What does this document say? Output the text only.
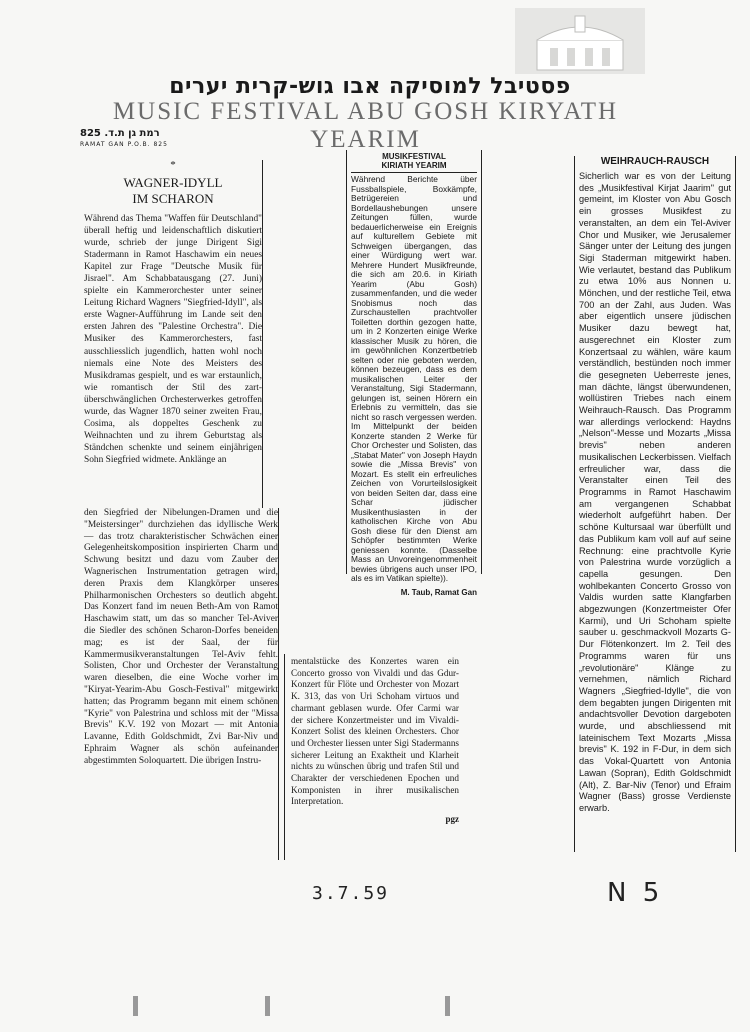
פסטיבל למוסיקה אבו גוש-קרית יערים
MUSIC FESTIVAL ABU GOSH KIRYATH YEARIM
רמת גן ת.ד. 825
RAMAT GAN P.O.B. 825
*
WAGNER-IDYLL
IM SCHARON

Während das Thema "Waffen für Deutschland" überall heftig und leidenschaftlich diskutiert wurde, schrieb der junge Dirigent Sigi Stadermann in Ramot Haschawim ein neues Kapitel zur Frage "Deutsche Musik für Jisrael". Am Schabbatausgang (27. Juni) spielte ein Kammerorchester unter seiner Leitung Richard Wagners "Siegfried-Idyll", als erste Wagner-Aufführung im Lande seit den ersten Jahren des "Palestine Orchestra". Die Musiker des Kammerorchesters, fast ausschliesslich jugendlich, hatten wohl noch niemals eine Note des Meisters des Musikdramas gespielt, und es war erstaunlich, wie romantisch der Stil des zart-überschwänglichen Orchesterwerkes getroffen wurde, das Wagner 1870 seiner zweiten Frau, Cosima, als doppeltes Geschenk zu Weihnachten und zu ihrem Geburtstag als Ständchen schenkte und seinem einjährigen Sohn Siegfried widmete. Anklänge an

den Siegfried der Nibelungen-Dramen und die "Meistersinger" durchziehen das idyllische Werk — das trotz charakteristischer Schwächen einer Gelegenheitskomposition inspirierten Charm und Schwung besitzt und dazu vom Zauber der Wagnerischen Instrumentation getragen wird, deren Praxis dem Klangkörper unseres Philharmonischen Orchesters so deutlich abgeht. Das Konzert fand im neuen Beth-Am von Ramot Haschawim statt, um das so mancher Tel-Aviver die Siedler des schönen Scharon-Dorfes beneiden mag; es ist der Saal, der für Kammermusikveranstaltungen Tel-Aviv fehlt. Solisten, Chor und Orchester der Veranstaltung waren dieselben, die eine Woche vorher im "Kiryat-Yearim-Abu Gosch-Festival" mitgewirkt hatten; das Programm begann mit einem schönen "Kyrie" von Palestrina und schloss mit der "Missa Brevis" K.V. 192 von Mozart — mit Antonia Lavanne, Edith Goldschmidt, Zvi Bar-Niv und Ephraim Wagner als schön aufeinander abgestimmten Soloquartett. Die übrigen Instru-

mentalstücke des Konzertes waren ein Concerto grosso von Vivaldi und das Gdur-Konzert für Flöte und Orchester von Mozart K. 313, das von Uri Schoham virtuos und charmant geblasen wurde. Ofer Carmi war der sichere Konzertmeister und im Vivaldi-Konzert Solist des kleinen Orchesters. Chor und Orchester liessen unter Sigi Stadermanns sicherer Leitung an Exaktheit und Klarheit nichts zu wünschen übrig und trafen Stil und Charakter der verschiedenen Epochen und Komponisten in ihrer musikalischen Interpretation.

pgz
MUSIKFESTIVAL
KIRIATH YEARIM

Während Berichte über Fussballspiele, Boxkämpfe, Betrügereien und Bordellaushebungen unsere Zeitungen füllen, wurde bedauerlicherweise ein Ereignis auf kulturellem Gebiete mit Schweigen übergangen, das einer Würdigung wert war. Mehrere Hundert Musikfreunde, die sich am 20.6. in Kiriath Yearim (Abu Gosh) zusammenfanden, und die weder Snobismus noch das Zurschaustellen prachtvoller Toiletten dorthin gezogen hatte, um in 2 Konzerten einige Werke klassischer Musik zu hören, die im gewöhnlichen Konzertbetrieb selten oder nie geboten werden, können bezeugen, dass es dem musikalischen Leiter der Veranstaltung, Sigi Stadermann, gelungen ist, seinen Hörern ein Erlebnis zu vermitteln, das sie nicht so rasch vergessen werden. Im Mittelpunkt der beiden Konzerte standen 2 Werke für Chor Orchester und Solisten, das „Stabat Mater" von Joseph Haydn sowie die „Missa Brevis" von Mozart. Es stellt ein erfreuliches Zeichen von Vorurteilslosigkeit von beiden Seiten dar, dass eine Schar jüdischer Musikenthusiasten in der katholischen Kirche von Abu Gosh diese für den Dienst am Schöpfer bestimmten Werke geniessen konnte. (Dasselbe Mass an Unvoreingenommenheit bewies übrigens auch unser IPO, als es im Vatikan spielte)).

M. Taub, Ramat Gan
WEIHRAUCH-RAUSCH

Sicherlich war es von der Leitung des „Musikfestival Kirjat Jaarim" gut gemeint, im Kloster von Abu Gosch ein grosses Musikfest zu veranstalten, an dem ein Tel-Aviver Chor und Musiker, wie Jerusalemer Sänger unter der Leitung des jungen Sigi Staderman mitgewirkt haben. Wie verlautet, bestand das Publikum zu etwa 10% aus Nonnen u. Mönchen, und der restliche Teil, etwa 700 an der Zahl, aus Juden. Was aber eigentlich unsere jüdischen Musiker dazu bewegt hat, ausgerechnet ein Kloster zum Konzertsaal zu wählen, wäre kaum verständlich, bestünden noch immer die gesegneten Ueberreste jenes, man dächte, längst überwundenen, wollüstiren Triebes nach einem Weihrauch-Rausch. Das Programm war allerdings verlockend: Haydns „Nelson"-Messe und Mozarts „Missa brevis" neben anderen musikalischen Leckerbissen. Vielfach erfreulicher war, dass die Veranstalter einen Teil des Programms in Ramot Haschawim am vergangenen Schabbat wiederholt aufgeführt haben. Der schöne Kultursaal war überfüllt und das Publikum kam voll auf auf seine Rechnung: eine prachtvolle Kyrie von Palestrina wurde vorzüglich a capella gesungen. Den wohlbekanten Concerto Grosso von Valdis wurden satte Klangfarben abgezwungen (Konzertmeister Ofer Karmi), und Uri Schoham spielte sauber u. geschmackvoll Mozarts G-Dur Flötenkonzert. Im 2. Teil des Programms waren für uns „revolutionäre" Klänge zu vernehmen, nämlich Richard Wagners „Siegfried-Idylle", die von dem begabten jungen Dirigenten mit andachtsvoller Devotion dargeboten wurde, und abschliessend mit lateinischem Text Mozarts „Missa brevis" K. 192 in F-Dur, in dem sich das Vokal-Quartett von Antonia Lawan (Sopran), Edith Goldschmidt (Alt), Z. Bar-Niv (Tenor) und Efraim Wagner (Bass) grosse Verdienste erwarb.

3.7.59	N 5
